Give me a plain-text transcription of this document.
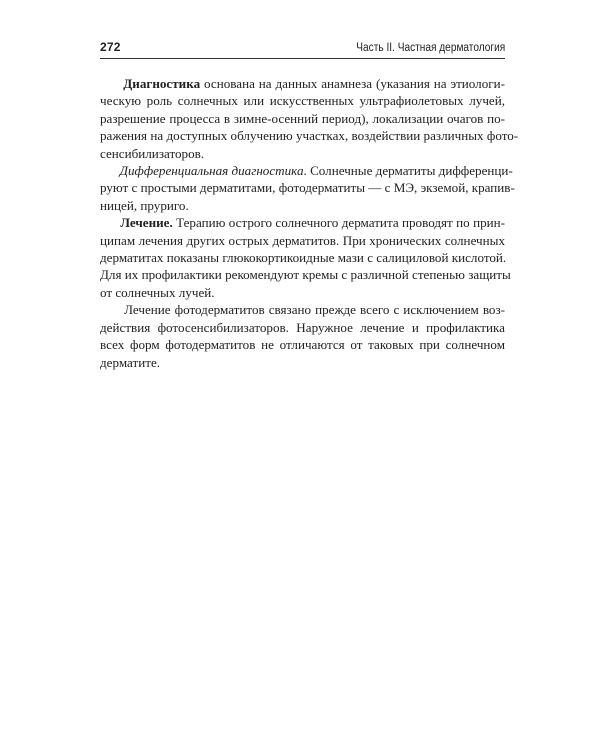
272	Часть II. Частная дерматология

Диагностика основана на данных анамнеза (указания на этиологи-
ческую роль солнечных или искусственных ультрафиолетовых лучей,
разрешение процесса в зимне-осенний период), локализации очагов по-
ражения на доступных облучению участках, воздействии различных фото-
сенсибилизаторов.

Дифференциальная диагностика. Солнечные дерматиты дифференци-
руют с простыми дерматитами, фотодерматиты — с МЭ, экземой, крапив-
ницей, пруриго.

Лечение. Терапию острого солнечного дерматита проводят по прин-
ципам лечения других острых дерматитов. При хронических солнечных
дерматитах показаны глюкокортикоидные мази с салициловой кислотой.
Для их профилактики рекомендуют кремы с различной степенью защиты
от солнечных лучей.

Лечение фотодерматитов связано прежде всего с исключением воз-
действия фотосенсибилизаторов. Наружное лечение и профилактика
всех форм фотодерматитов не отличаются от таковых при солнечном
дерматите.
